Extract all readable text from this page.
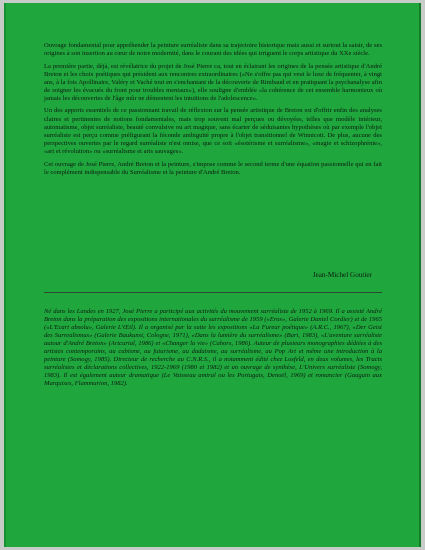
Ouvrage fondamental pour appréhender la peinture surréaliste dans sa trajectoire historique mais aussi et surtout la saisir, de ses origines à son insertion au cœur de notre modernité, dans le courant des idées qui irriguent le corps artistique du XXe siècle.

La première partie, déjà, est révélatrice du projet de José Pierre ca, tout en éclairant les origines de la pensée artistique d'André Breton et les choix poétiques qui président aux rencontres extraordinaires («Ne s'offre pas qui veut le luxe de fréquenter, à vingt ans, à la fois Apollinaire, Valéry et Vaché tout en s'enchantant de la découverte de Rimbaud et en pratiquant la psychanalyse afin de soigner les évacués du front pour troubles mentaux»), elle souligne d'emblée «la cohérence de cet ensemble harmonieux où jamais les découvertes de l'âge mûr ne démentent les intuitions de l'adolescence».

Un des apports essentiels de ce passionnant travail de réflexion sur la pensée artistique de Breton est d'offrir enfin des analyses claires et pertinentes de notions fondamentales, mais trop souvent mal perçues ou dévoyées, telles que modèle intérieur, automatisme, objet surréaliste, beauté convulsive ou art magique, sans écarter de séduisantes hypothèses où par exemple l'objet surréaliste est perçu comme préfigurant la féconde ambiguïté propre à l'objet transitionnel de Winnicott. De plus, aucune des perspectives ouvertes par le regard surréaliste n'est omise, que ce soit «ésotérisme et surréalisme», «magie et schizophrénie», «art et révolution» ou «surréalisme et arts sauvages».

Cet ouvrage de José Pierre, André Breton et la peinture, s'impose comme le second terme d'une équation passionnelle qui en fait le complément indispensable du Surréalisme et la peinture d'André Breton.

Jean-Michel Goutier
Né dans les Landes en 1927, José Pierre a participé aux activités du mouvement surréaliste de 1952 à 1969. Il a assisté André Breton dans la préparation des expositions internationales du surréalisme de 1959 («Eros», Galerie Daniel Cordier) et de 1965 («L'Ecart absolu», Galerie L'Œil). Il a organisé par la suite les expositions «La Fureur poétique» (A.R.C., 1967), «Der Geist des Surrealismus» (Galerie Baukunst, Cologne, 1971), «Dans la lumière du surréalisme» (Bari, 1983), «L'aventure surréaliste autour d'André Breton» (Artcurial, 1986) et «Changer la vie» (Cahors, 1986). Auteur de plusieurs monographies dédiées à des artistes contemporains, au cubisme, au futurisme, au dadaïsme, au surréalisme, au Pop Art et même une introduction à la peinture (Somogy, 1985). Directeur de recherche au C.N.R.S., il a notamment édité chez Losfeld, en deux volumes, les Tracts surréalistes et déclarations collectives, 1922-1969 (1980 et 1982) et un ouvrage de synthèse, L'Univers surréaliste (Somogy, 1983). Il est également auteur dramatique (Le Vaisseau amiral ou les Portugais, Denoël, 1969) et romancier (Gauguin aux Marquises, Flammarion, 1982).
